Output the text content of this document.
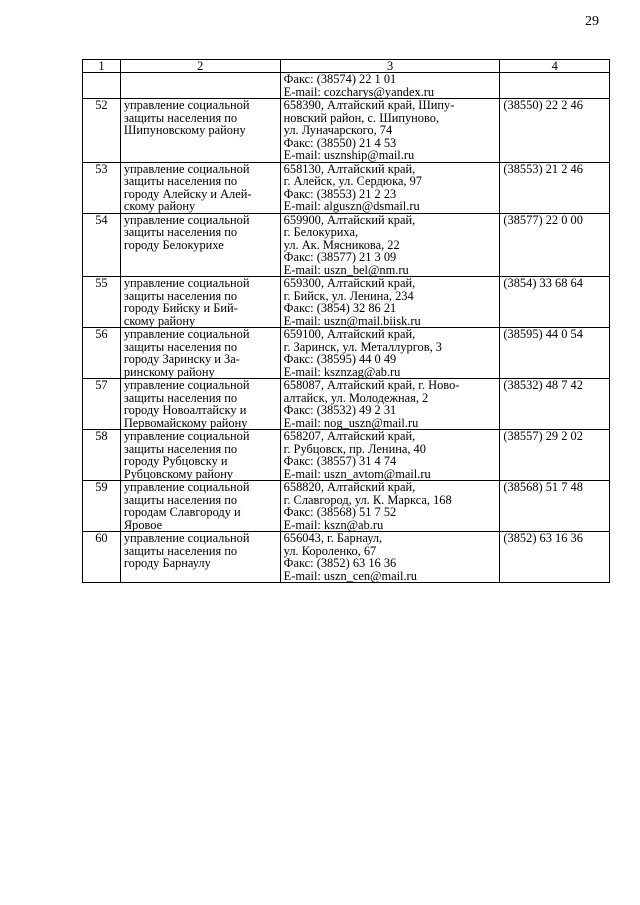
29
1	2	3	4

		Факс: (38574) 22 1 01
E-mail: cozcharys@yandex.ru	

52	управление социальной
защиты населения по
Шипуновскому району	658390, Алтайский край, Шипу-
новский район, с. Шипуново,
ул. Луначарского, 74
Факс: (38550) 21 4 53
E-mail: usznship@mail.ru	(38550) 22 2 46
53	управление социальной
защиты населения по
городу Алейску и Алей-
скому району	658130, Алтайский край,
г. Алейск, ул. Сердюка, 97
Факс: (38553) 21 2 23
E-mail: alguszn@dsmail.ru	(38553) 21 2 46
54	управление социальной
защиты населения по
городу Белокурихе	659900, Алтайский край,
г. Белокуриха,
ул. Ак. Мясникова, 22
Факс: (38577) 21 3 09
E-mail: uszn_bel@nm.ru	(38577) 22 0 00
55	управление социальной
защиты населения по
городу Бийску и Бий-
скому району	659300, Алтайский край,
г. Бийск, ул. Ленина, 234
Факс: (3854) 32 86 21
E-mail: uszn@mail.biisk.ru	(3854) 33 68 64
56	управление социальной
защиты населения по
городу Заринску и За-
ринскому району	659100, Алтайский край,
г. Заринск, ул. Металлургов, 3
Факс: (38595) 44 0 49
E-mail: ksznzag@ab.ru	(38595) 44 0 54
57	управление социальной
защиты населения по
городу Новоалтайску и
Первомайскому району	658087, Алтайский край, г. Ново-
алтайск, ул. Молодежная, 2
Факс: (38532) 49 2 31
E-mail: nog_uszn@mail.ru	(38532) 48 7 42
58	управление социальной
защиты населения по
городу Рубцовску и
Рубцовскому району	658207, Алтайский край,
г. Рубцовск, пр. Ленина, 40
Факс: (38557) 31 4 74
E-mail: uszn_avtom@mail.ru	(38557) 29 2 02
59	управление социальной
защиты населения по
городам Славгороду и
Яровое	658820, Алтайский край,
г. Славгород, ул. К. Маркса, 168
Факс: (38568) 51 7 52
E-mail: kszn@ab.ru	(38568) 51 7 48
60	управление социальной
защиты населения по
городу Барнаулу	656043, г. Барнаул,
ул. Короленко, 67
Факс: (3852) 63 16 36
E-mail: uszn_cen@mail.ru	(3852) 63 16 36
